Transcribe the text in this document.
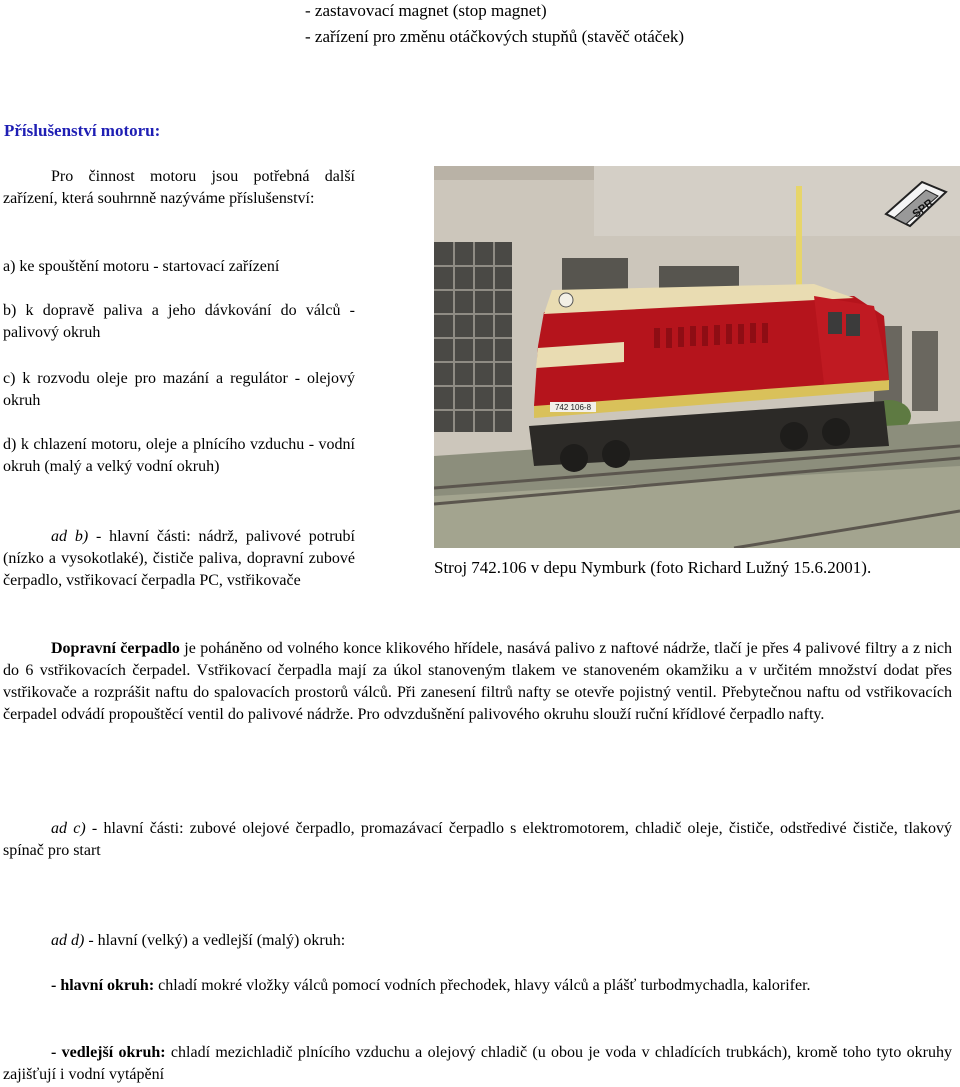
- zastavovací magnet (stop magnet)
- zařízení pro změnu otáčkových stupňů (stavěč otáček)
Příslušenství motoru:

Pro činnost motoru jsou potřebná další zařízení, která souhrnně nazýváme příslušenství:

a) ke spouštění motoru - startovací zařízení

b) k dopravě paliva a jeho dávkování do válců - palivový okruh

c) k rozvodu oleje pro mazání a regulátor - olejový okruh

d) k chlazení motoru, oleje a plnícího vzduchu - vodní okruh (malý a velký vodní okruh)

ad b) - hlavní části: nádrž, palivové potrubí (nízko a vysokotlaké), čističe paliva, dopravní zubové čerpadlo, vstřikovací čerpadla PC, vstřikovače

742 106-8
SPR
Stroj 742.106 v depu Nymburk (foto Richard Lužný 15.6.2001).

Dopravní čerpadlo je poháněno od volného konce klikového hřídele, nasává palivo z naftové nádrže, tlačí je přes 4 palivové filtry a z nich do 6 vstřikovacích čerpadel. Vstřikovací čerpadla mají za úkol stanoveným tlakem ve stanoveném okamžiku a v určitém množství dodat přes vstřikovače a rozprášit naftu do spalovacích prostorů válců. Při zanesení filtrů nafty se otevře pojistný ventil. Přebytečnou naftu od vstřikovacích čerpadel odvádí propouštěcí ventil do palivové nádrže. Pro odvzdušnění palivového okruhu slouží ruční křídlové čerpadlo nafty.

ad c) - hlavní části: zubové olejové čerpadlo, promazávací čerpadlo s elektromotorem, chladič oleje, čističe, odstředivé čističe, tlakový spínač pro start

ad d) - hlavní (velký) a vedlejší (malý) okruh:

- hlavní okruh: chladí mokré vložky válců pomocí vodních přechodek, hlavy válců a plášť turbodmychadla, kalorifer.

- vedlejší okruh: chladí mezichladič plnícího vzduchu a olejový chladič (u obou je voda v chladících trubkách), kromě toho tyto okruhy zajišťují i vodní vytápění
